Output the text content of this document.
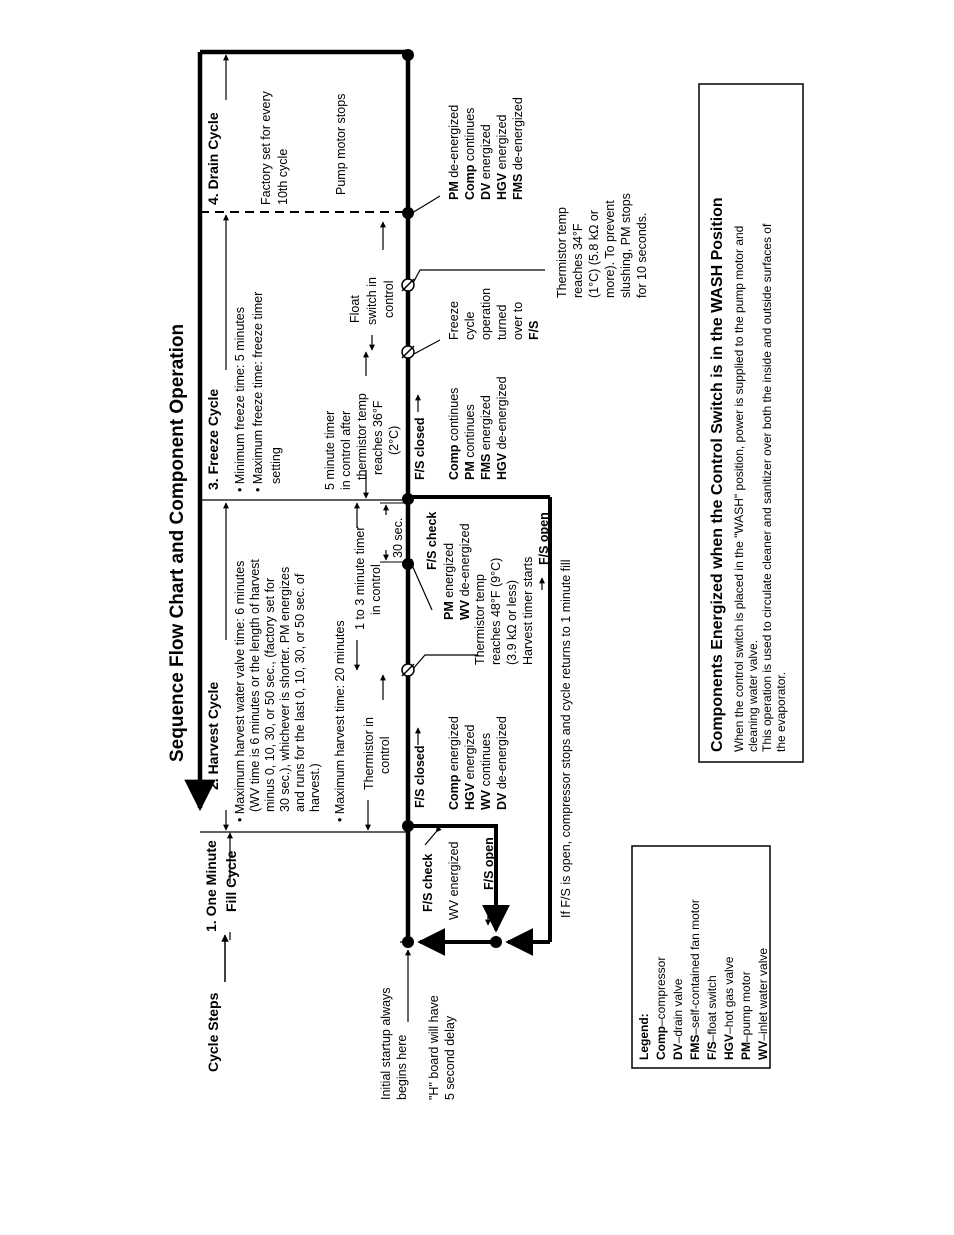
Sequence Flow Chart and Component Operation
Cycle Steps
1. One Minute Fill Cycle
2. Harvest Cycle
3. Freeze Cycle
4. Drain Cycle
• Maximum harvest water valve time: 6 minutes (WV time is 6 minutes or the length of harvest minus 0, 10, 30, or 50 sec., (factory set for 30 sec.), whichever is shorter. PM energizes and runs for the last 0, 10, 30, or 50 sec. of harvest.) • Maximum harvest time: 20 minutes
• Minimum freeze time: 5 minutes • Maximum freeze time: freeze timer setting
Factory set for every 10th cycle	Pump motor stops
Thermistor in control
1 to 3 minute timer in control
30 sec.
5 minute timer in control after thermistor temp reaches 36°F (2°C)
Float switch in control
Initial startup always begins here "H" board will have 5 second delay
F/S check WV energized F/S open
F/S closed Comp energized
HGV energized
WV continues
DV de-energized
Thermistor temp reaches 48°F (9°C) (3.9 kΩ or less) Harvest timer starts
F/S check
PM energized
WV de-energized	F/S open
If F/S is open, compressor stops and cycle returns to 1 minute fill
F/S closed Comp continues
PM continues
FMS energized
HGV de-energized
Freeze cycle operation turned over to F/S
Thermistor temp reaches 34°F (1°C) (5.8 kΩ or more). To prevent slushing, PM stops for 10 seconds.
PM de-energized
Comp continues
DV energized
HGV energized
FMS de-energized
Legend: Comp–compressor
DV–drain valve
FMS–self-contained fan motor
F/S–float switch
HGV–hot gas valve
PM–pump motor
WV–inlet water valve
Components Energized when the Control Switch is in the WASH Position When the control switch is placed in the "WASH" position, power is supplied to the pump motor and cleaning water valve. This operation is used to circulate cleaner and sanitizer over both the inside and outside surfaces of the evaporator.
